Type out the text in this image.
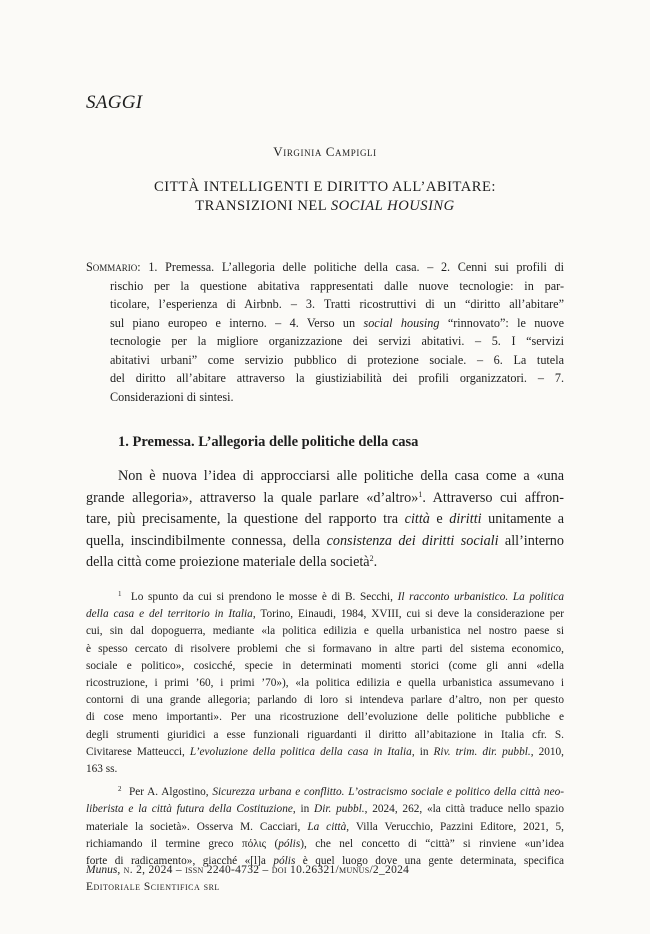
SAGGI
Virginia Campigli
CITTÀ INTELLIGENTI E DIRITTO ALL’ABITARE:
TRANSIZIONI NEL SOCIAL HOUSING
Sommario: 1. Premessa. L’allegoria delle politiche della casa. – 2. Cenni sui profili di
rischio per la questione abitativa rappresentati dalle nuove tecnologie: in par-
ticolare, l’esperienza di Airbnb. – 3. Tratti ricostruttivi di un “diritto all’abitare”
sul piano europeo e interno. – 4. Verso un social housing “rinnovato”: le nuove
tecnologie per la migliore organizzazione dei servizi abitativi. – 5. I “servizi
abitativi urbani” come servizio pubblico di protezione sociale. – 6. La tutela
del diritto all’abitare attraverso la giustiziabilità dei profili organizzatori. – 7.
Considerazioni di sintesi.
1. Premessa. L’allegoria delle politiche della casa
Non è nuova l’idea di approcciarsi alle politiche della casa come a «una
grande allegoria», attraverso la quale parlare «d’altro»$^1$. Attraverso cui affron-
tare, più precisamente, la questione del rapporto tra città e diritti unitamente a
quella, inscindibilmente connessa, della consistenza dei diritti sociali all’interno
della città come proiezione materiale della società$^2$.
$^1$ Lo spunto da cui si prendono le mosse è di B. Secchi, Il racconto urbanistico. La politica
della casa e del territorio in Italia, Torino, Einaudi, 1984, XVIII, cui si deve la considerazione per
cui, sin dal dopoguerra, mediante «la politica edilizia e quella urbanistica nel nostro paese si
è spesso cercato di risolvere problemi che si formavano in altre parti del sistema economico,
sociale e politico», cosicché, specie in determinati momenti storici (come gli anni «della
ricostruzione, i primi ’60, i primi ’70»), «la politica edilizia e quella urbanistica assumevano i
contorni di una grande allegoria; parlando di loro si intendeva parlare d’altro, non per questo
di cose meno importanti». Per una ricostruzione dell’evoluzione delle politiche pubbliche e
degli strumenti giuridici a esse funzionali riguardanti il diritto all’abitazione in Italia cfr. S.
Civitarese Matteucci, L’evoluzione della politica della casa in Italia, in Riv. trim. dir. pubbl., 2010,
163 ss.
$^2$ Per A. Algostino, Sicurezza urbana e conflitto. L’ostracismo sociale e politico della città neo-
liberista e la città futura della Costituzione, in Dir. pubbl., 2024, 262, «la città traduce nello spazio
materiale la società». Osserva M. Cacciari, La città, Villa Verucchio, Pazzini Editore, 2021, 5,
richiamando il termine greco πόλις (pólis), che nel concetto di “città” si rinviene «un’idea
forte di radicamento», giacché «[l]a pólis è quel luogo dove una gente determinata, specifica
Munus, n. 2, 2024 – issn 2240-4732 – doi 10.26321/munus/2_2024
Editoriale Scientifica srl
